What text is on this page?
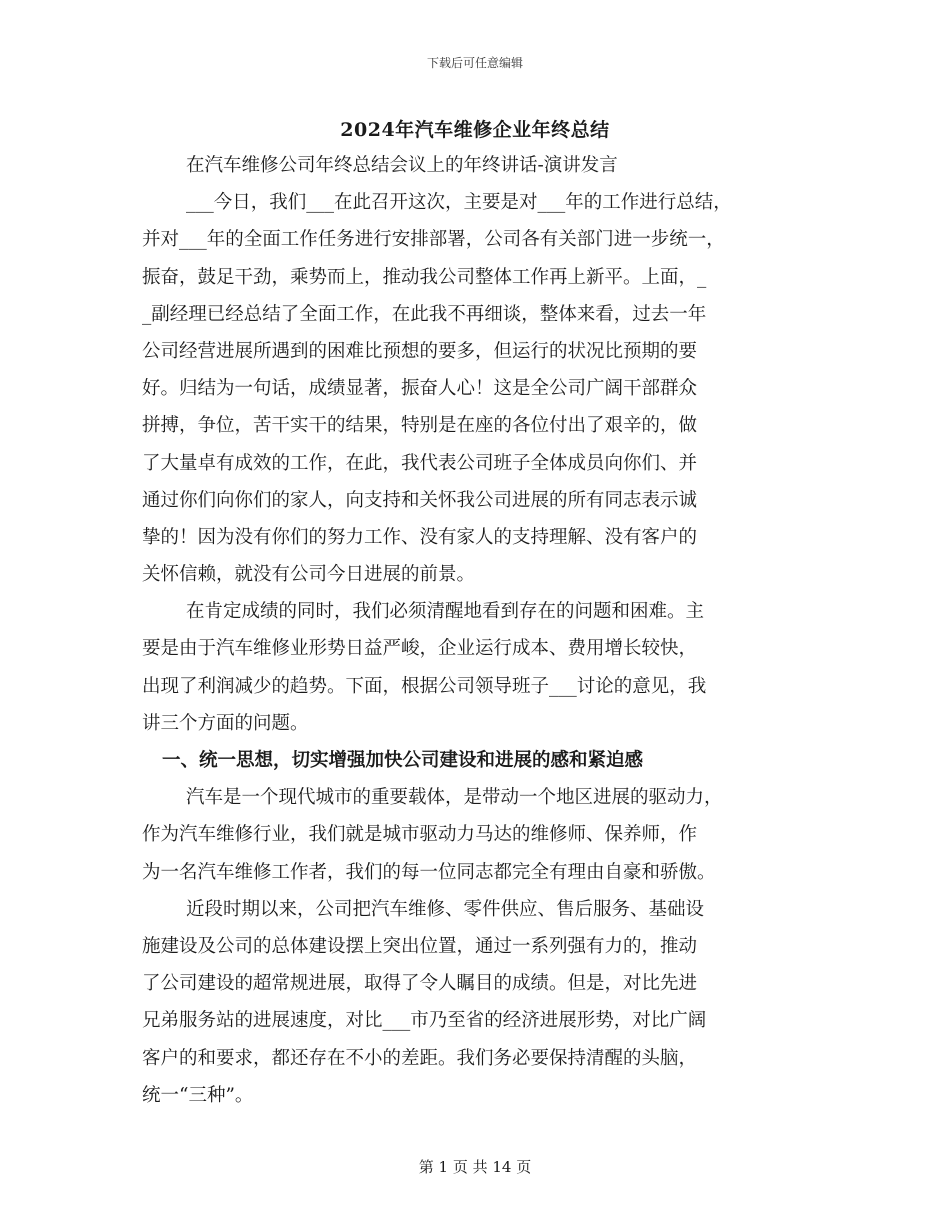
下载后可任意编辑
2024年汽车维修企业年终总结
在汽车维修公司年终总结会议上的年终讲话-演讲发言
___今日，我们___在此召开这次，主要是对___年的工作进行总结，
并对___年的全面工作任务进行安排部署，公司各有关部门进一步统一，
振奋，鼓足干劲，乘势而上，推动我公司整体工作再上新平。上面，_
_副经理已经总结了全面工作，在此我不再细谈，整体来看，过去一年
公司经营进展所遇到的困难比预想的要多，但运行的状况比预期的要
好。归结为一句话，成绩显著，振奋人心！这是全公司广阔干部群众
拼搏，争位，苦干实干的结果，特别是在座的各位付出了艰辛的，做
了大量卓有成效的工作，在此，我代表公司班子全体成员向你们、并
通过你们向你们的家人，向支持和关怀我公司进展的所有同志表示诚
挚的！因为没有你们的努力工作、没有家人的支持理解、没有客户的
关怀信赖，就没有公司今日进展的前景。
在肯定成绩的同时，我们必须清醒地看到存在的问题和困难。主
要是由于汽车维修业形势日益严峻，企业运行成本、费用增长较快，
出现了利润减少的趋势。下面，根据公司领导班子___讨论的意见，我
讲三个方面的问题。
一、统一思想，切实增强加快公司建设和进展的感和紧迫感
汽车是一个现代城市的重要载体，是带动一个地区进展的驱动力，
作为汽车维修行业，我们就是城市驱动力马达的维修师、保养师，作
为一名汽车维修工作者，我们的每一位同志都完全有理由自豪和骄傲。
近段时期以来，公司把汽车维修、零件供应、售后服务、基础设
施建设及公司的总体建设摆上突出位置，通过一系列强有力的，推动
了公司建设的超常规进展，取得了令人瞩目的成绩。但是，对比先进
兄弟服务站的进展速度，对比___市乃至省的经济进展形势，对比广阔
客户的和要求，都还存在不小的差距。我们务必要保持清醒的头脑，
统一“三种”。
第 1 页 共 14 页
